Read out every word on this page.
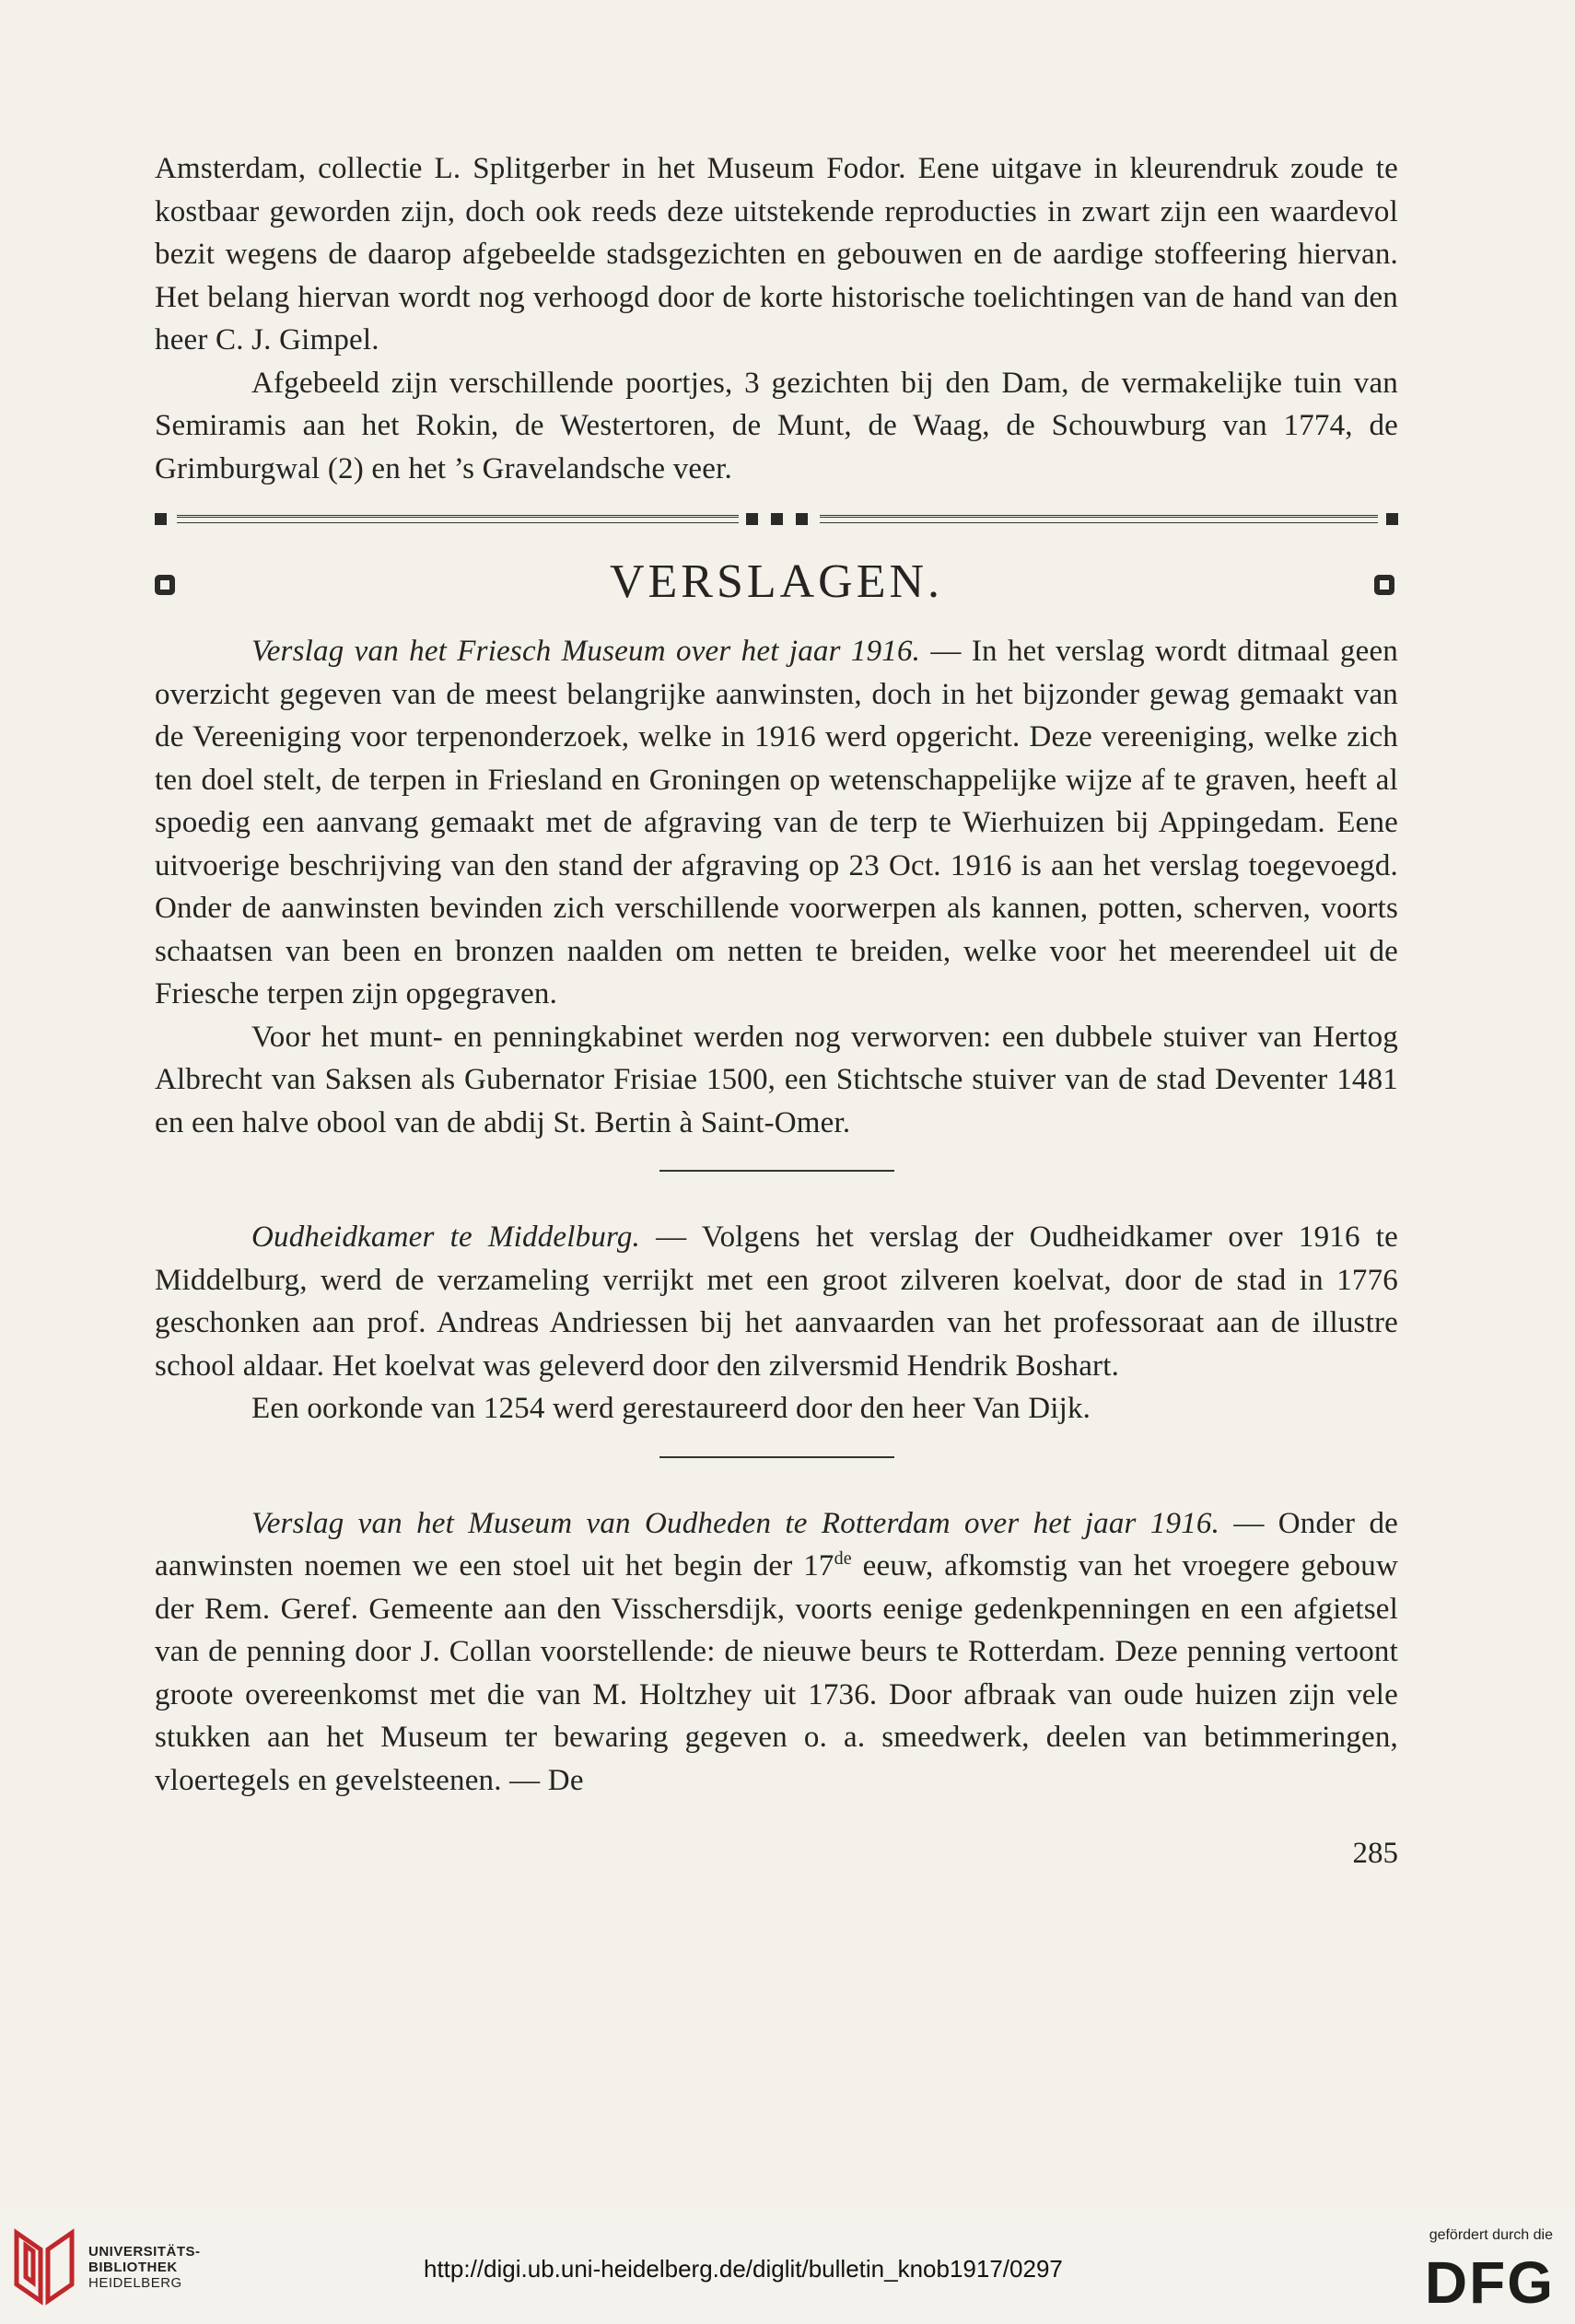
Amsterdam, collectie L. Splitgerber in het Museum Fodor. Eene uitgave in kleurendruk zoude te kostbaar geworden zijn, doch ook reeds deze uitstekende reproducties in zwart zijn een waardevol bezit wegens de daarop afgebeelde stadsgezichten en gebouwen en de aardige stoffeering hiervan. Het belang hiervan wordt nog verhoogd door de korte historische toelichtingen van de hand van den heer C. J. Gimpel.

Afgebeeld zijn verschillende poortjes, 3 gezichten bij den Dam, de vermakelijke tuin van Semiramis aan het Rokin, de Westertoren, de Munt, de Waag, de Schouwburg van 1774, de Grimburgwal (2) en het ’s Gravelandsche veer.

VERSLAGEN.

Verslag van het Friesch Museum over het jaar 1916. — In het verslag wordt ditmaal geen overzicht gegeven van de meest belangrijke aanwinsten, doch in het bijzonder gewag gemaakt van de Vereeniging voor terpenonderzoek, welke in 1916 werd opgericht. Deze vereeniging, welke zich ten doel stelt, de terpen in Friesland en Groningen op wetenschappelijke wijze af te graven, heeft al spoedig een aanvang gemaakt met de afgraving van de terp te Wierhuizen bij Appingedam. Eene uitvoerige beschrijving van den stand der afgraving op 23 Oct. 1916 is aan het verslag toegevoegd. Onder de aanwinsten bevinden zich verschillende voorwerpen als kannen, potten, scherven, voorts schaatsen van been en bronzen naalden om netten te breiden, welke voor het meerendeel uit de Friesche terpen zijn opgegraven.

Voor het munt- en penningkabinet werden nog verworven: een dubbele stuiver van Hertog Albrecht van Saksen als Gubernator Frisiae 1500, een Stichtsche stuiver van de stad Deventer 1481 en een halve obool van de abdij St. Bertin à Saint-Omer.

Oudheidkamer te Middelburg. — Volgens het verslag der Oudheidkamer over 1916 te Middelburg, werd de verzameling verrijkt met een groot zilveren koelvat, door de stad in 1776 geschonken aan prof. Andreas Andriessen bij het aanvaarden van het professoraat aan de illustre school aldaar. Het koelvat was geleverd door den zilversmid Hendrik Boshart.

Een oorkonde van 1254 werd gerestaureerd door den heer Van Dijk.

Verslag van het Museum van Oudheden te Rotterdam over het jaar 1916. — Onder de aanwinsten noemen we een stoel uit het begin der 17de eeuw, afkomstig van het vroegere gebouw der Rem. Geref. Gemeente aan den Visschersdijk, voorts eenige gedenkpenningen en een afgietsel van de penning door J. Collan voorstellende: de nieuwe beurs te Rotterdam. Deze penning vertoont groote overeenkomst met die van M. Holtzhey uit 1736. Door afbraak van oude huizen zijn vele stukken aan het Museum ter bewaring gegeven o. a. smeedwerk, deelen van betimmeringen, vloertegels en gevelsteenen. — De

285
UNIVERSITÄTS-
BIBLIOTHEK
HEIDELBERG
http://digi.ub.uni-heidelberg.de/diglit/bulletin_knob1917/0297
gefördert durch die
DFG
